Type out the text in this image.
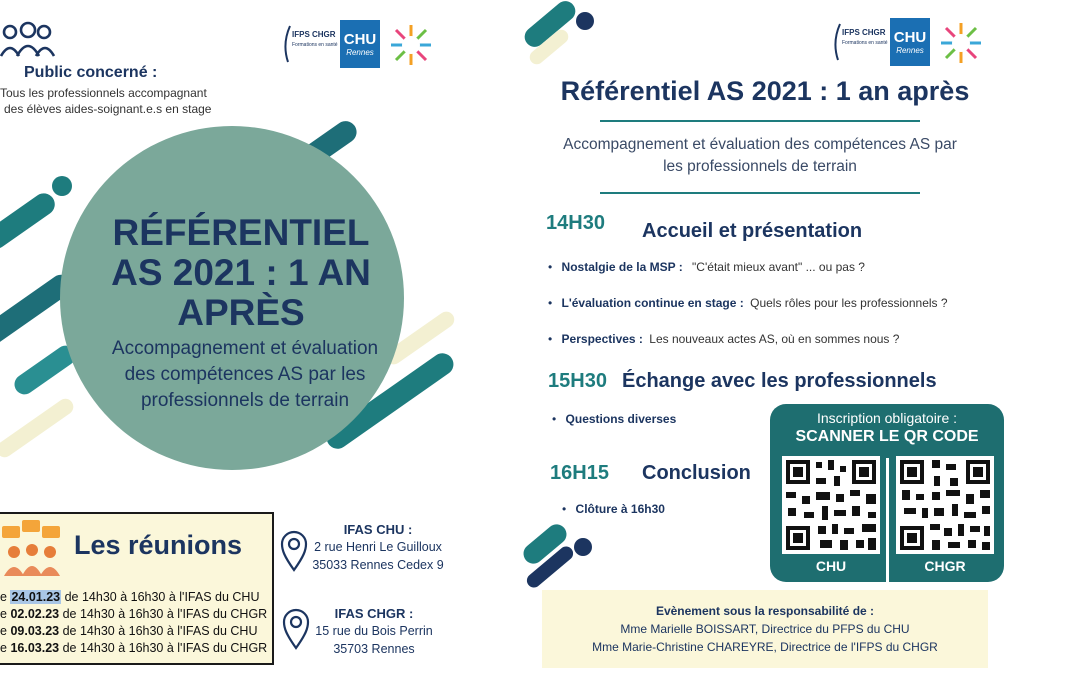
Public concerné :
Tous les professionnels accompagnant
des élèves aides-soignant.e.s en stage
IFPS CHGR
Formations en santé CHU
Rennes
RÉFÉRENTIEL
AS 2021 : 1 AN
APRÈS
Accompagnement et évaluation
des compétences AS par les
professionnels de terrain
Les réunions
e 24.01.23 de 14h30 à 16h30 à l'IFAS du CHU
e 02.02.23 de 14h30 à 16h30 à l'IFAS du CHGR
e 09.03.23 de 14h30 à 16h30 à l'IFAS du CHU
e 16.03.23 de 14h30 à 16h30 à l'IFAS du CHGR
IFAS CHU :
2 rue Henri Le Guilloux
35033 Rennes Cedex 9
IFAS CHGR :
15 rue du Bois Perrin
35703 Rennes
IFPS CHGR
Formations en santé CHU
Rennes
Référentiel AS 2021 : 1 an après
Accompagnement et évaluation des compétences AS par
les professionnels de terrain
14H30 Accueil et présentation
• Nostalgie de la MSP : "C'était mieux avant" ... ou pas ?
• L'évaluation continue en stage : Quels rôles pour les professionnels ?
• Perspectives : Les nouveaux actes AS, où en sommes nous ?
15H30 Échange avec les professionnels
• Questions diverses
16H15 Conclusion
• Clôture à 16h30
Inscription obligatoire :
SCANNER LE QR CODE
CHU	CHGR
Evènement sous la responsabilité de :
Mme Marielle BOISSART, Directrice du PFPS du CHU
Mme Marie-Christine CHAREYRE, Directrice de l'IFPS du CHGR
